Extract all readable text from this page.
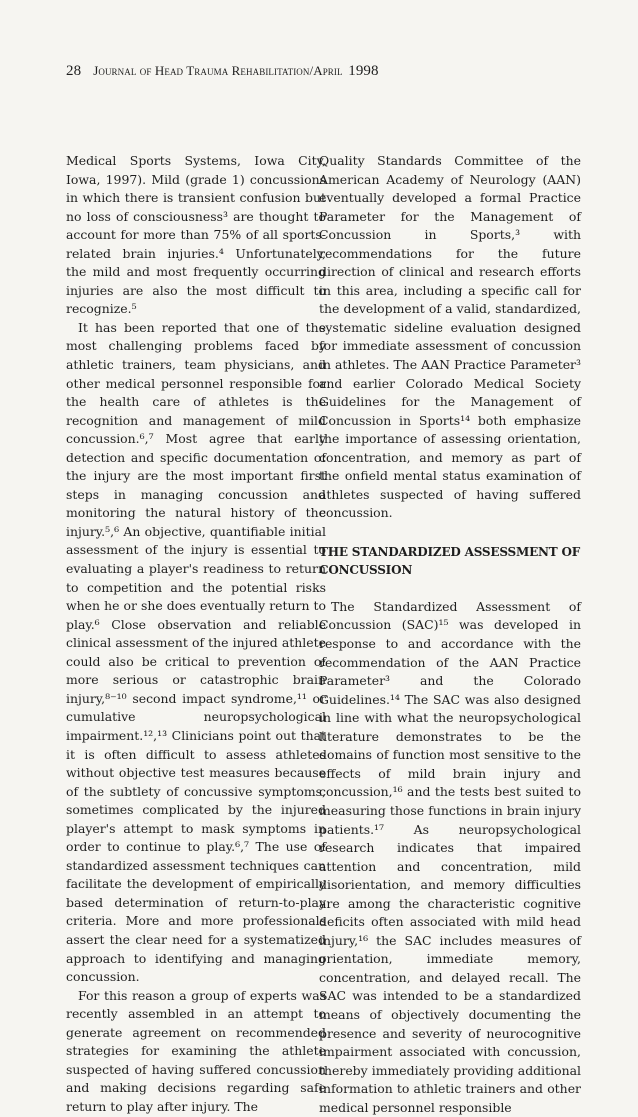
28 Journal of Head Trauma Rehabilitation/April 1998

Medical Sports Systems, Iowa City, Iowa, 1997). Mild (grade 1) concussions in which there is transient confusion but no loss of consciousness³ are thought to account for more than 75% of all sports-related brain injuries.⁴ Unfortunately, the mild and most frequently occurring injuries are also the most difficult to recognize.⁵

It has been reported that one of the most challenging problems faced by athletic trainers, team physicians, and other medical personnel responsible for the health care of athletes is the recognition and management of mild concussion.⁶,⁷ Most agree that early detection and specific documentation of the injury are the most important first steps in managing concussion and monitoring the natural history of the injury.⁵,⁶ An objective, quantifiable initial assessment of the injury is essential to evaluating a player's readiness to return to competition and the potential risks when he or she does eventually return to play.⁶ Close observation and reliable clinical assessment of the injured athlete could also be critical to prevention of more serious or catastrophic brain injury,⁸⁻¹⁰ second impact syndrome,¹¹ or cumulative neuropsychological impairment.¹²,¹³ Clinicians point out that it is often difficult to assess athletes without objective test measures because of the subtlety of concussive symptoms, sometimes complicated by the injured player's attempt to mask symptoms in order to continue to play.⁶,⁷ The use of standardized assessment techniques can facilitate the development of empirically based determination of return-to-play criteria. More and more professionals assert the clear need for a systematized approach to identifying and managing concussion.

For this reason a group of experts was recently assembled in an attempt to generate agreement on recommended strategies for examining the athlete suspected of having suffered concussion and making decisions regarding safe return to play after injury. The

Quality Standards Committee of the American Academy of Neurology (AAN) eventually developed a formal Practice Parameter for the Management of Concussion in Sports,³ with recommendations for the future direction of clinical and research efforts in this area, including a specific call for the development of a valid, standardized, systematic sideline evaluation designed for immediate assessment of concussion in athletes. The AAN Practice Parameter³ and earlier Colorado Medical Society Guidelines for the Management of Concussion in Sports¹⁴ both emphasize the importance of assessing orientation, concentration, and memory as part of the onfield mental status examination of athletes suspected of having suffered concussion.

THE STANDARDIZED ASSESSMENT OF CONCUSSION

The Standardized Assessment of Concussion (SAC)¹⁵ was developed in response to and accordance with the recommendation of the AAN Practice Parameter³ and the Colorado Guidelines.¹⁴ The SAC was also designed in line with what the neuropsychological literature demonstrates to be the domains of function most sensitive to the effects of mild brain injury and concussion,¹⁶ and the tests best suited to measuring those functions in brain injury patients.¹⁷ As neuropsychological research indicates that impaired attention and concentration, mild disorientation, and memory difficulties are among the characteristic cognitive deficits often associated with mild head injury,¹⁶ the SAC includes measures of orientation, immediate memory, concentration, and delayed recall. The SAC was intended to be a standardized means of objectively documenting the presence and severity of neurocognitive impairment associated with concussion, thereby immediately providing additional information to athletic trainers and other medical personnel responsible
